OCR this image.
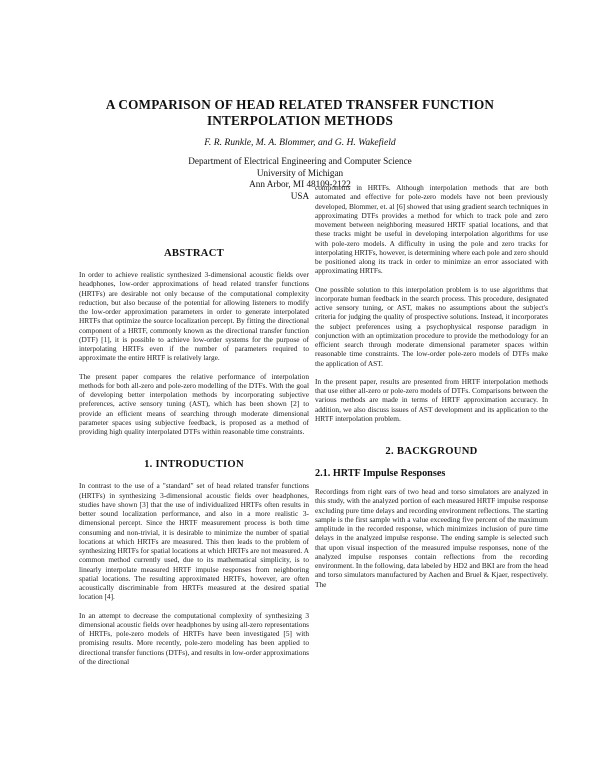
A COMPARISON OF HEAD RELATED TRANSFER FUNCTION INTERPOLATION METHODS
F. R. Runkle, M. A. Blommer, and G. H. Wakefield
Department of Electrical Engineering and Computer Science
University of Michigan
Ann Arbor, MI 48109-2122
USA
ABSTRACT

In order to achieve realistic synthesized 3-dimensional acoustic fields over headphones, low-order approximations of head related transfer functions (HRTFs) are desirable not only because of the computational complexity reduction, but also because of the potential for allowing listeners to modify the low-order approximation parameters in order to generate interpolated HRTFs that optimize the source localization percept. By fitting the directional component of a HRTF, commonly known as the directional transfer function (DTF) [1], it is possible to achieve low-order systems for the purpose of interpolating HRTFs even if the number of parameters required to approximate the entire HRTF is relatively large.

The present paper compares the relative performance of interpolation methods for both all-zero and pole-zero modelling of the DTFs. With the goal of developing better interpolation methods by incorporating subjective preferences, active sensory tuning (AST), which has been shown [2] to provide an efficient means of searching through moderate dimensional parameter spaces using subjective feedback, is proposed as a method of providing high quality interpolated DTFs within reasonable time constraints.

1. INTRODUCTION

In contrast to the use of a "standard" set of head related transfer functions (HRTFs) in synthesizing 3-dimensional acoustic fields over headphones, studies have shown [3] that the use of individualized HRTFs often results in better sound localization performance, and also in a more realistic 3-dimensional percept. Since the HRTF measurement process is both time consuming and non-trivial, it is desirable to minimize the number of spatial locations at which HRTFs are measured. This then leads to the problem of synthesizing HRTFs for spatial locations at which HRTFs are not measured. A common method currently used, due to its mathematical simplicity, is to linearly interpolate measured HRTF impulse responses from neighboring spatial locations. The resulting approximated HRTFs, however, are often acoustically discriminable from HRTFs measured at the desired spatial location [4].

In an attempt to decrease the computational complexity of synthesizing 3 dimensional acoustic fields over headphones by using all-zero representations of HRTFs, pole-zero models of HRTFs have been investigated [5] with promising results. More recently, pole-zero modeling has been applied to directional transfer functions (DTFs), and results in low-order approximations of the directional

components in HRTFs. Although interpolation methods that are both automated and effective for pole-zero models have not been previously developed, Blommer, et. al [6] showed that using gradient search techniques in approximating DTFs provides a method for which to track pole and zero movement between neighboring measured HRTF spatial locations, and that these tracks might be useful in developing interpolation algorithms for use with pole-zero models. A difficulty in using the pole and zero tracks for interpolating HRTFs, however, is determining where each pole and zero should be positioned along its track in order to minimize an error associated with approximating HRTFs.

One possible solution to this interpolation problem is to use algorithms that incorporate human feedback in the search process. This procedure, designated active sensory tuning, or AST, makes no assumptions about the subject's criteria for judging the quality of prospective solutions. Instead, it incorporates the subject preferences using a psychophysical response paradigm in conjunction with an optimization procedure to provide the methodology for an efficient search through moderate dimensional parameter spaces within reasonable time constraints. The low-order pole-zero models of DTFs make the application of AST.

In the present paper, results are presented from HRTF interpolation methods that use either all-zero or pole-zero models of DTFs. Comparisons between the various methods are made in terms of HRTF approximation accuracy. In addition, we also discuss issues of AST development and its application to the HRTF interpolation problem.

2. BACKGROUND
2.1. HRTF Impulse Responses

Recordings from right ears of two head and torso simulators are analyzed in this study, with the analyzed portion of each measured HRTF impulse response excluding pure time delays and recording environment reflections. The starting sample is the first sample with a value exceeding five percent of the maximum amplitude in the recorded response, which minimizes inclusion of pure time delays in the analyzed impulse response. The ending sample is selected such that upon visual inspection of the measured impulse responses, none of the analyzed impulse responses contain reflections from the recording environment. In the following, data labeled by HD2 and BKI are from the head and torso simulators manufactured by Aachen and Bruel & Kjaer, respectively. The
